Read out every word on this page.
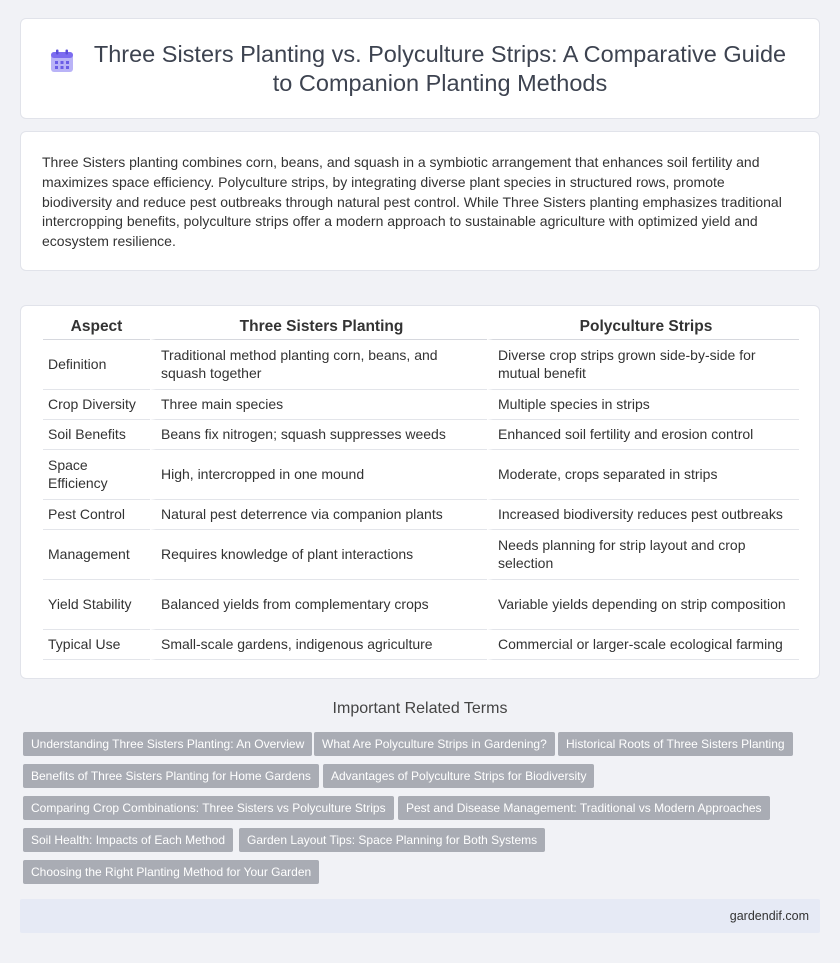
Three Sisters Planting vs. Polyculture Strips: A Comparative Guide to Companion Planting Methods

Three Sisters planting combines corn, beans, and squash in a symbiotic arrangement that enhances soil fertility and maximizes space efficiency. Polyculture strips, by integrating diverse plant species in structured rows, promote biodiversity and reduce pest outbreaks through natural pest control. While Three Sisters planting emphasizes traditional intercropping benefits, polyculture strips offer a modern approach to sustainable agriculture with optimized yield and ecosystem resilience.

Aspect	Three Sisters Planting	Polyculture Strips
Definition	Traditional method planting corn, beans, and squash together	Diverse crop strips grown side-by-side for mutual benefit
Crop Diversity	Three main species	Multiple species in strips
Soil Benefits	Beans fix nitrogen; squash suppresses weeds	Enhanced soil fertility and erosion control
Space Efficiency	High, intercropped in one mound	Moderate, crops separated in strips
Pest Control	Natural pest deterrence via companion plants	Increased biodiversity reduces pest outbreaks
Management	Requires knowledge of plant interactions	Needs planning for strip layout and crop selection
Yield Stability	Balanced yields from complementary crops	Variable yields depending on strip composition
Typical Use	Small-scale gardens, indigenous agriculture	Commercial or larger-scale ecological farming
Important Related Terms
Understanding Three Sisters Planting: An Overview	What Are Polyculture Strips in Gardening?	Historical Roots of Three Sisters Planting
Benefits of Three Sisters Planting for Home Gardens	Advantages of Polyculture Strips for Biodiversity
Comparing Crop Combinations: Three Sisters vs Polyculture Strips	Pest and Disease Management: Traditional vs Modern Approaches
Soil Health: Impacts of Each Method	Garden Layout Tips: Space Planning for Both Systems
Choosing the Right Planting Method for Your Garden
gardendif.com
